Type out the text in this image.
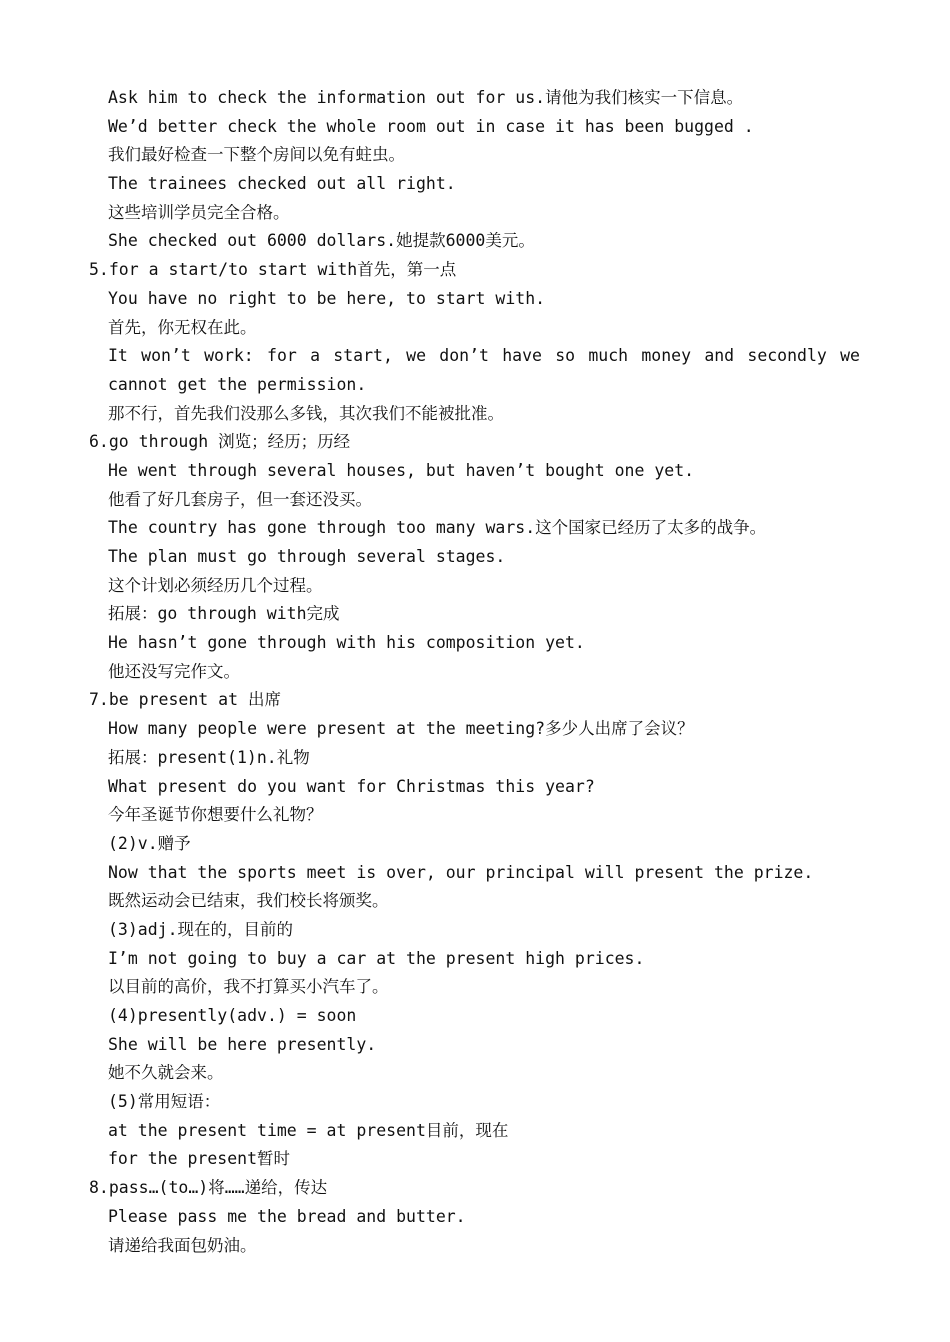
Ask him to check the information out for us.请他为我们核实一下信息。
We’d better check the whole room out in case it has been bugged .
我们最好检查一下整个房间以免有蛀虫。
The trainees checked out all right.
这些培训学员完全合格。
She checked out 6000 dollars.她提款6000美元。
5.for a start/to start with首先，第一点
You have no right to be here, to start with.
首先，你无权在此。
It won’t work: for a start, we don’t have so much money and secondly we
cannot get the permission.
那不行，首先我们没那么多钱，其次我们不能被批准。
6.go through 浏览；经历；历经
He went through several houses, but haven’t bought one yet.
他看了好几套房子，但一套还没买。
The country has gone through too many wars.这个国家已经历了太多的战争。
The plan must go through several stages.
这个计划必须经历几个过程。
拓展：go through with完成
He hasn’t gone through with his composition yet.
他还没写完作文。
7.be present at 出席
How many people were present at the meeting?多少人出席了会议？
拓展：present(1)n.礼物
What present do you want for Christmas this year?
今年圣诞节你想要什么礼物？
(2)v.赠予
Now that the sports meet is over, our principal will present the prize.
既然运动会已结束，我们校长将颁奖。
(3)adj.现在的，目前的
I’m not going to buy a car at the present high prices.
以目前的高价，我不打算买小汽车了。
(4)presently(adv.) = soon
She will be here presently.
她不久就会来。
(5)常用短语：
at the present time = at present目前，现在
for the present暂时
8.pass…(to…)将……递给，传达
Please pass me the bread and butter.
请递给我面包奶油。
